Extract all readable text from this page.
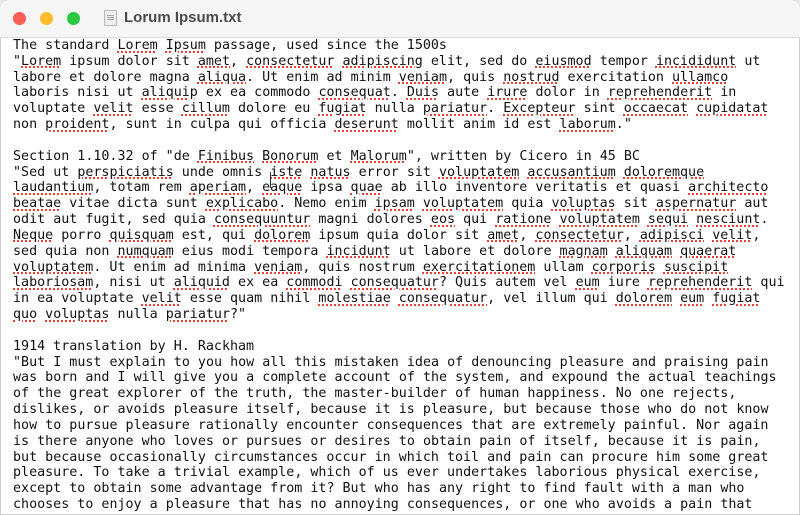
Lorum Ipsum.txt
The standard Lorem Ipsum passage, used since the 1500s
"Lorem ipsum dolor sit amet, consectetur adipiscing elit, sed do eiusmod tempor incididunt ut
labore et dolore magna aliqua. Ut enim ad minim veniam, quis nostrud exercitation ullamco
laboris nisi ut aliquip ex ea commodo consequat. Duis aute irure dolor in reprehenderit in
voluptate velit esse cillum dolore eu fugiat nulla pariatur. Excepteur sint occaecat cupidatat
non proident, sunt in culpa qui officia deserunt mollit anim id est laborum."
Section 1.10.32 of "de Finibus Bonorum et Malorum", written by Cicero in 45 BC
"Sed ut perspiciatis unde omnis iste natus error sit voluptatem accusantium doloremque
laudantium, totam rem aperiam, eaque ipsa quae ab illo inventore veritatis et quasi architecto
beatae vitae dicta sunt explicabo. Nemo enim ipsam voluptatem quia voluptas sit aspernatur aut
odit aut fugit, sed quia consequuntur magni dolores eos qui ratione voluptatem sequi nesciunt.
Neque porro quisquam est, qui dolorem ipsum quia dolor sit amet, consectetur, adipisci velit,
sed quia non numquam eius modi tempora incidunt ut labore et dolore magnam aliquam quaerat
voluptatem. Ut enim ad minima veniam, quis nostrum exercitationem ullam corporis suscipit
laboriosam, nisi ut aliquid ex ea commodi consequatur? Quis autem vel eum iure reprehenderit qui
in ea voluptate velit esse quam nihil molestiae consequatur, vel illum qui dolorem eum fugiat
quo voluptas nulla pariatur?"
1914 translation by H. Rackham
"But I must explain to you how all this mistaken idea of denouncing pleasure and praising pain
was born and I will give you a complete account of the system, and expound the actual teachings
of the great explorer of the truth, the master-builder of human happiness. No one rejects,
dislikes, or avoids pleasure itself, because it is pleasure, but because those who do not know
how to pursue pleasure rationally encounter consequences that are extremely painful. Nor again
is there anyone who loves or pursues or desires to obtain pain of itself, because it is pain,
but because occasionally circumstances occur in which toil and pain can procure him some great
pleasure. To take a trivial example, which of us ever undertakes laborious physical exercise,
except to obtain some advantage from it? But who has any right to find fault with a man who
chooses to enjoy a pleasure that has no annoying consequences, or one who avoids a pain that
